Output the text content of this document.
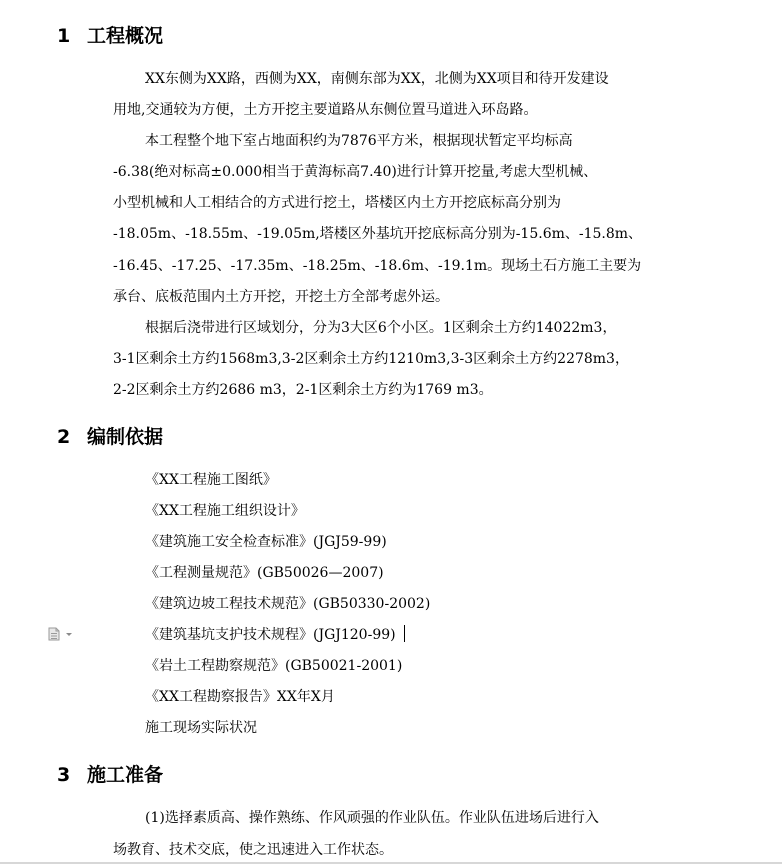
1 工程概况
XX东侧为XX路，西侧为XX，南侧东部为XX，北侧为XX项目和待开发建设
用地,交通较为方便，土方开挖主要道路从东侧位置马道进入环岛路。
本工程整个地下室占地面积约为7876平方米，根据现状暂定平均标高
-6.38(绝对标高±0.000相当于黄海标高7.40)进行计算开挖量,考虑大型机械、
小型机械和人工相结合的方式进行挖土，塔楼区内土方开挖底标高分别为
-18.05m、-18.55m、-19.05m,塔楼区外基坑开挖底标高分别为-15.6m、-15.8m、
-16.45、-17.25、-17.35m、-18.25m、-18.6m、-19.1m。现场土石方施工主要为
承台、底板范围内土方开挖，开挖土方全部考虑外运。
根据后浇带进行区域划分，分为3大区6个小区。1区剩余土方约14022m3，
3-1区剩余土方约1568m3,3-2区剩余土方约1210m3,3-3区剩余土方约2278m3，
2-2区剩余土方约2686 m3，2-1区剩余土方约为1769 m3。
2 编制依据
《XX工程施工图纸》
《XX工程施工组织设计》
《建筑施工安全检查标准》(JGJ59-99)
《工程测量规范》(GB50026—2007)
《建筑边坡工程技术规范》(GB50330-2002)
《建筑基坑支护技术规程》(JGJ120-99)
《岩土工程勘察规范》(GB50021-2001)
《XX工程勘察报告》XX年X月
施工现场实际状况
3 施工准备
(1)选择素质高、操作熟练、作风顽强的作业队伍。作业队伍进场后进行入
场教育、技术交底，使之迅速进入工作状态。
